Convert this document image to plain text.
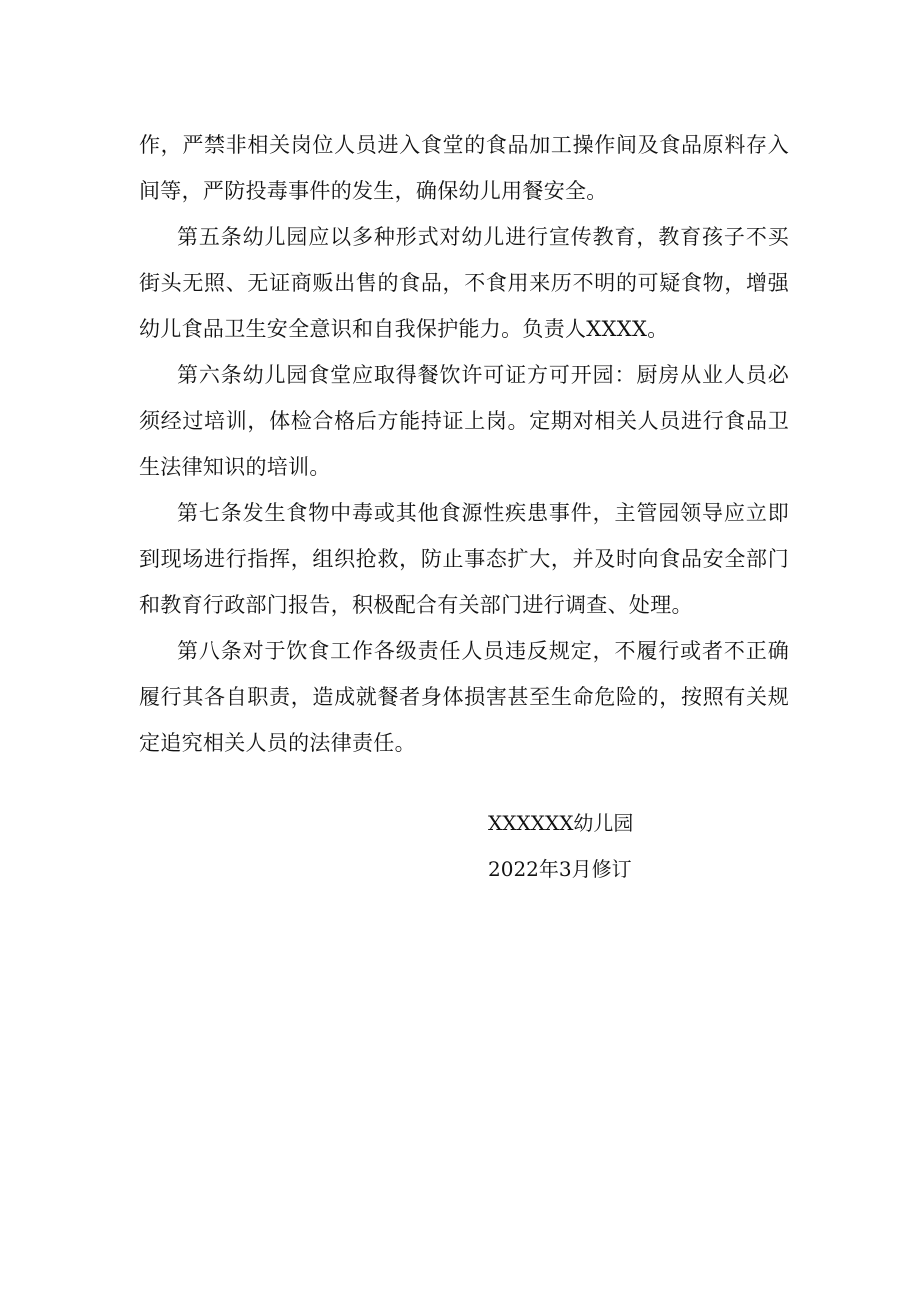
作，严禁非相关岗位人员进入食堂的食品加工操作间及食品原料存入间等，严防投毒事件的发生，确保幼儿用餐安全。

第五条幼儿园应以多种形式对幼儿进行宣传教育，教育孩子不买街头无照、无证商贩出售的食品，不食用来历不明的可疑食物，增强幼儿食品卫生安全意识和自我保护能力。负责人XXXX。

第六条幼儿园食堂应取得餐饮许可证方可开园：厨房从业人员必须经过培训，体检合格后方能持证上岗。定期对相关人员进行食品卫生法律知识的培训。

第七条发生食物中毒或其他食源性疾患事件，主管园领导应立即到现场进行指挥，组织抢救，防止事态扩大，并及时向食品安全部门和教育行政部门报告，积极配合有关部门进行调查、处理。

第八条对于饮食工作各级责任人员违反规定，不履行或者不正确履行其各自职责，造成就餐者身体损害甚至生命危险的，按照有关规定追究相关人员的法律责任。

XXXXXX幼儿园
2022年3月修订
